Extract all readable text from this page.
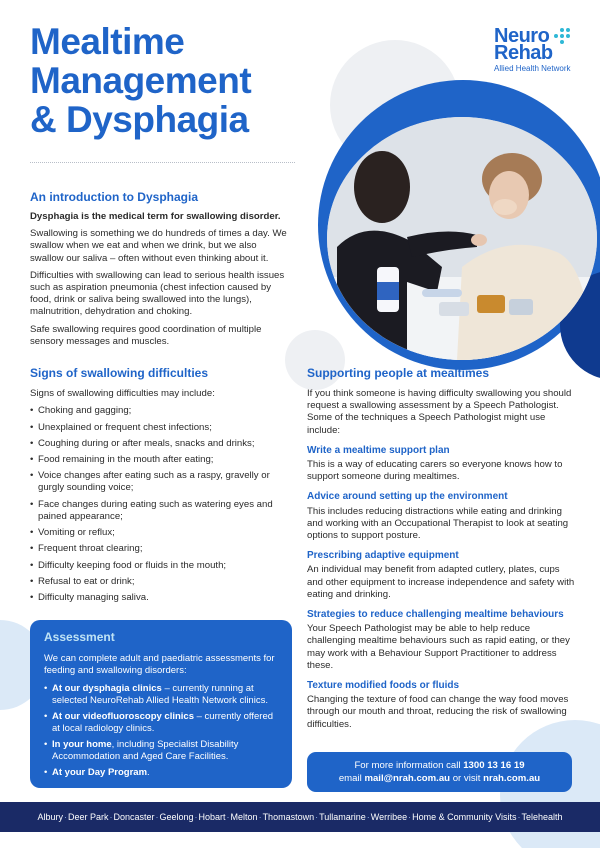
Mealtime
Management
& Dysphagia
Neuro
Rehab
Allied Health Network
An introduction to Dysphagia

Dysphagia is the medical term for swallowing disorder.

Swallowing is something we do hundreds of times a day. We swallow when we eat and when we drink, but we also swallow our saliva – often without even thinking about it.

Difficulties with swallowing can lead to serious health issues such as aspiration pneumonia (chest infection caused by food, drink or saliva being swallowed into the lungs), malnutrition, dehydration and choking.

Safe swallowing requires good coordination of multiple sensory messages and muscles.

Signs of swallowing difficulties

Signs of swallowing difficulties may include:

• Choking and gagging;
• Unexplained or frequent chest infections;
• Coughing during or after meals, snacks and drinks;
• Food remaining in the mouth after eating;
• Voice changes after eating such as a raspy, gravelly or gurgly sounding voice;
• Face changes during eating such as watering eyes and pained appearance;
• Vomiting or reflux;
• Frequent throat clearing;
• Difficulty keeping food or fluids in the mouth;
• Refusal to eat or drink;
• Difficulty managing saliva.
Assessment

We can complete adult and paediatric assessments for feeding and swallowing disorders:

• At our dysphagia clinics – currently running at selected NeuroRehab Allied Health Network clinics.
• At our videofluoroscopy clinics – currently offered at local radiology clinics.
• In your home, including Specialist Disability Accommodation and Aged Care Facilities.
• At your Day Program.
Supporting people at mealtimes

If you think someone is having difficulty swallowing you should request a swallowing assessment by a Speech Pathologist. Some of the techniques a Speech Pathologist might use include:

Write a mealtime support plan

This is a way of educating carers so everyone knows how to support someone during mealtimes.

Advice around setting up the environment

This includes reducing distractions while eating and drinking and working with an Occupational Therapist to look at seating options to support posture.

Prescribing adaptive equipment

An individual may benefit from adapted cutlery, plates, cups and other equipment to increase independence and safety with eating and drinking.

Strategies to reduce challenging mealtime behaviours

Your Speech Pathologist may be able to help reduce challenging mealtime behaviours such as rapid eating, or they may work with a Behaviour Support Practitioner to address these.

Texture modified foods or fluids

Changing the texture of food can change the way food moves through our mouth and throat, reducing the risk of swallowing difficulties.

For more information call 1300 13 16 19
email mail@nrah.com.au or visit nrah.com.au
Albury · Deer Park · Doncaster · Geelong · Hobart · Melton · Thomastown · Tullamarine · Werribee · Home & Community Visits · Telehealth
